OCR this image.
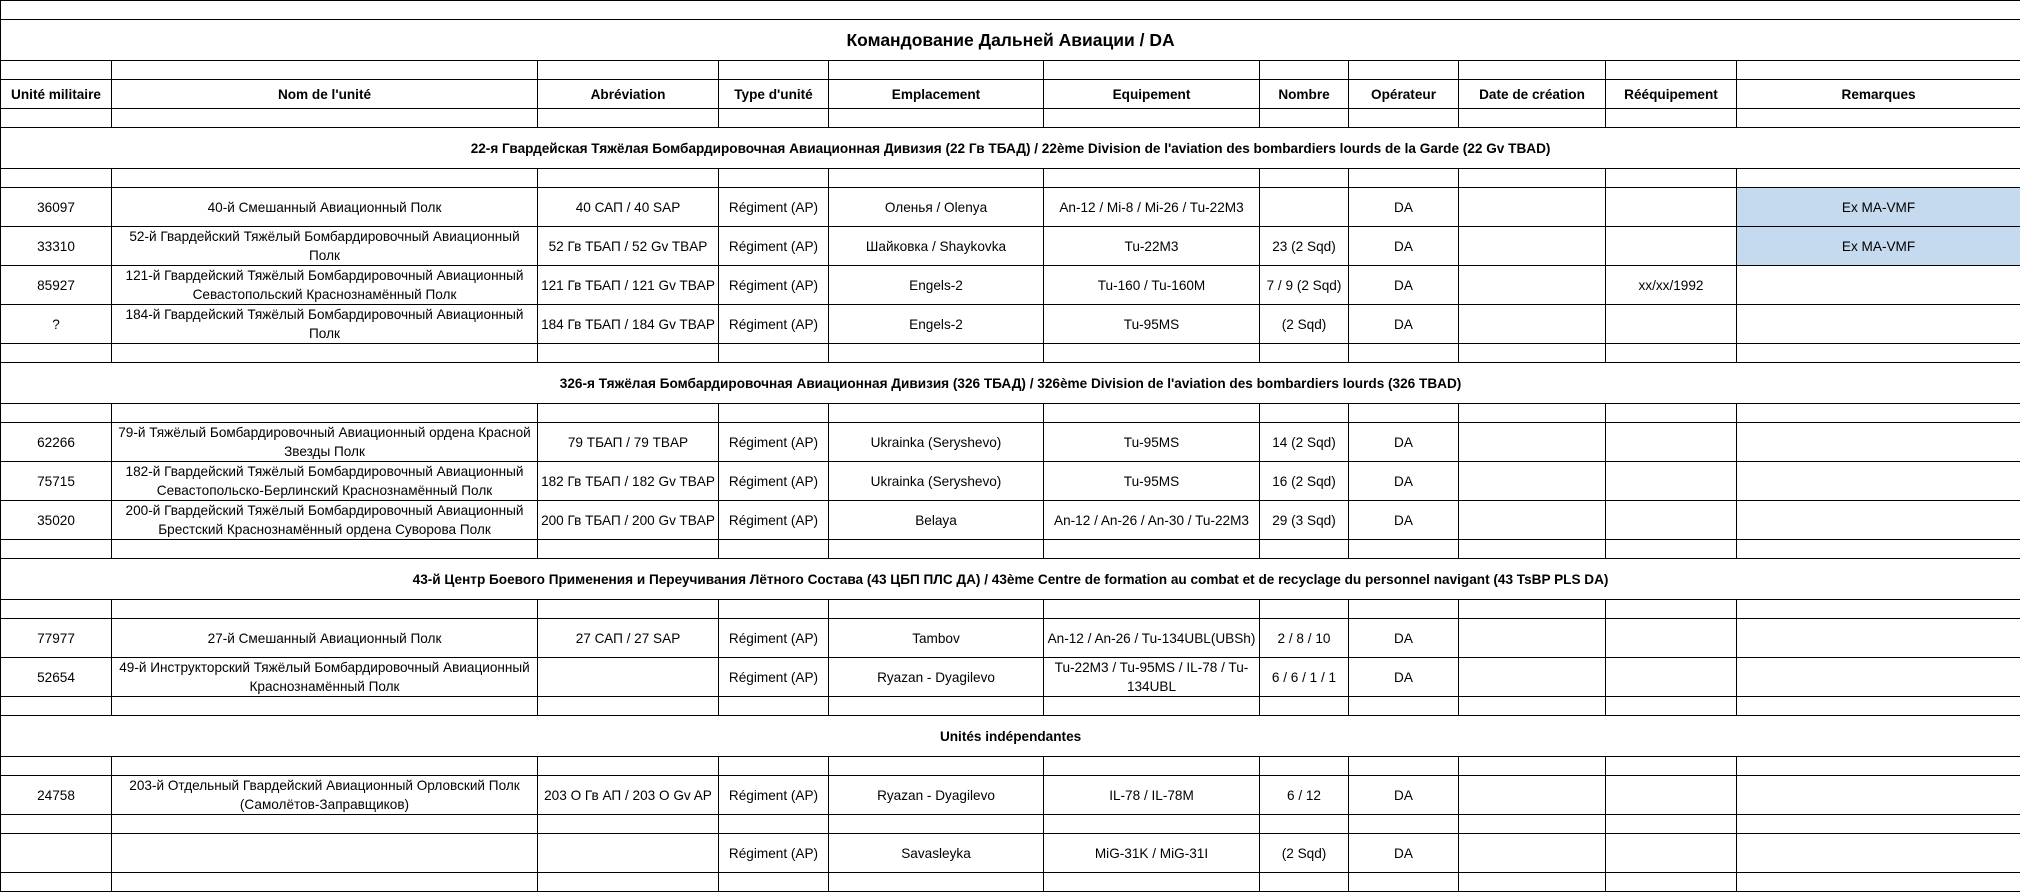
Командование Дальней Авиации / DA										

Unité militaire	Nom de l'unité	Abréviation	Type d'unité	Emplacement	Equipement	Nombre	Opérateur	Date de création	Rééquipement	Remarques

22-я Гвардейская Тяжёлая Бомбардировочная Авиационная Дивизия (22 Гв ТБАД) / 22ème Division de l'aviation des bombardiers lourds de la Garde (22 Gv TBAD)										

36097	40-й Смешанный Авиационный Полк	40 САП / 40 SAP	Régiment (AP)	Оленья / Olenya	An-12 / Mi-8 / Mi-26 / Tu-22M3		DA			Ex MA-VMF
33310	52-й Гвардейский Тяжёлый Бомбардировочный Авиационный Полк	52 Гв ТБАП / 52 Gv TBAP	Régiment (AP)	Шайковка / Shaykovka	Tu-22M3	23 (2 Sqd)	DA			Ex MA-VMF
85927	121-й Гвардейский Тяжёлый Бомбардировочный Авиационный Севастопольский Краснознамённый Полк	121 Гв ТБАП / 121 Gv TBAP	Régiment (AP)	Engels-2	Tu-160 / Tu-160M	7 / 9 (2 Sqd)	DA		xx/xx/1992	
?	184-й Гвардейский Тяжёлый Бомбардировочный Авиационный Полк	184 Гв ТБАП / 184 Gv TBAP	Régiment (AP)	Engels-2	Tu-95MS	(2 Sqd)	DA			

326-я Тяжёлая Бомбардировочная Авиационная Дивизия (326 ТБАД) / 326ème Division de l'aviation des bombardiers lourds (326 TBAD)										

62266	79-й Тяжёлый Бомбардировочный Авиационный ордена Красной Звезды Полк	79 ТБАП / 79 TBAP	Régiment (AP)	Ukrainka (Seryshevo)	Tu-95MS	14 (2 Sqd)	DA			
75715	182-й Гвардейский Тяжёлый Бомбардировочный Авиационный Севастопольско-Берлинский Краснознамённый Полк	182 Гв ТБАП / 182 Gv TBAP	Régiment (AP)	Ukrainka (Seryshevo)	Tu-95MS	16 (2 Sqd)	DA			
35020	200-й Гвардейский Тяжёлый Бомбардировочный Авиационный Брестский Краснознамённый ордена Суворова Полк	200 Гв ТБАП / 200 Gv TBAP	Régiment (AP)	Belaya	An-12 / An-26 / An-30 / Tu-22M3	29 (3 Sqd)	DA			

43-й Центр Боевого Применения и Переучивания Лётного Состава (43 ЦБП ПЛС ДА) / 43ème Centre de formation au combat et de recyclage du personnel navigant (43 TsBP PLS DA)										

77977	27-й Смешанный Авиационный Полк	27 САП / 27 SAP	Régiment (AP)	Tambov	An-12 / An-26 / Tu-134UBL(UBSh)	2 / 8 / 10	DA			
52654	49-й Инструкторский Тяжёлый Бомбардировочный Авиационный Краснознамённый Полк		Régiment (AP)	Ryazan - Dyagilevo	Tu-22M3 / Tu-95MS / IL-78 / Tu-134UBL	6 / 6 / 1 / 1	DA			

Unités indépendantes										

24758	203-й Отдельный Гвардейский Авиационный Орловский Полк (Самолётов-Заправщиков)	203 О Гв АП / 203 O Gv AP	Régiment (AP)	Ryazan - Dyagilevo	IL-78 / IL-78M	6 / 12	DA			

			Régiment (AP)	Savasleyka	MiG-31K / MiG-31I	(2 Sqd)	DA			
